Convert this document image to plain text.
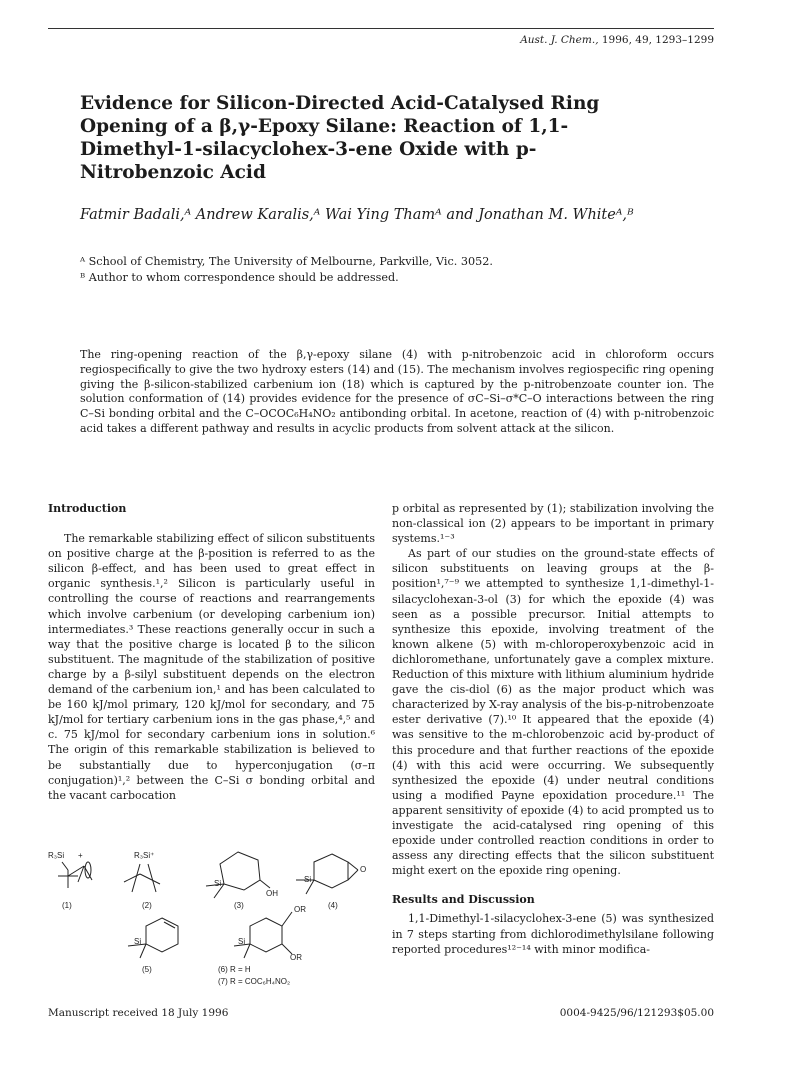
Aust. J. Chem., 1996, 49, 1293–1299
Evidence for Silicon-Directed Acid-Catalysed Ring Opening of a β,γ-Epoxy Silane: Reaction of 1,1-Dimethyl-1-silacyclohex-3-ene Oxide with p-Nitrobenzoic Acid
Fatmir Badali,ᴬ Andrew Karalis,ᴬ Wai Ying Thamᴬ and Jonathan M. Whiteᴬ,ᴮ
ᴬ School of Chemistry, The University of Melbourne, Parkville, Vic. 3052.
ᴮ Author to whom correspondence should be addressed.
The ring-opening reaction of the β,γ-epoxy silane (4) with p-nitrobenzoic acid in chloroform occurs regiospecifically to give the two hydroxy esters (14) and (15). The mechanism involves regiospecific ring opening giving the β-silicon-stabilized carbenium ion (18) which is captured by the p-nitrobenzoate counter ion. The solution conformation of (14) provides evidence for the presence of σC–Si–σ*C–O interactions between the ring C–Si bonding orbital and the C–OCOC₆H₄NO₂ antibonding orbital. In acetone, reaction of (4) with p-nitrobenzoic acid takes a different pathway and results in acyclic products from solvent attack at the silicon.

Introduction

The remarkable stabilizing effect of silicon substituents on positive charge at the β-position is referred to as the silicon β-effect, and has been used to great effect in organic synthesis.¹,² Silicon is particularly useful in controlling the course of reactions and rearrangements which involve carbenium (or developing carbenium ion) intermediates.³ These reactions generally occur in such a way that the positive charge is located β to the silicon substituent. The magnitude of the stabilization of positive charge by a β-silyl substituent depends on the electron demand of the carbenium ion,¹ and has been calculated to be 160 kJ/mol primary, 120 kJ/mol for secondary, and 75 kJ/mol for tertiary carbenium ions in the gas phase,⁴,⁵ and c. 75 kJ/mol for secondary carbenium ions in solution.⁶ The origin of this remarkable stabilization is believed to be substantially due to hyperconjugation (σ–π conjugation)¹,² between the C–Si σ bonding orbital and the vacant carbocation

p orbital as represented by (1); stabilization involving the non-classical ion (2) appears to be important in primary systems.¹⁻³

As part of our studies on the ground-state effects of silicon substituents on leaving groups at the β-position¹,⁷⁻⁹ we attempted to synthesize 1,1-dimethyl-1-silacyclohexan-3-ol (3) for which the epoxide (4) was seen as a possible precursor. Initial attempts to synthesize this epoxide, involving treatment of the known alkene (5) with m-chloroperoxybenzoic acid in dichloromethane, unfortunately gave a complex mixture. Reduction of this mixture with lithium aluminium hydride gave the cis-diol (6) as the major product which was characterized by X-ray analysis of the bis-p-nitrobenzoate ester derivative (7).¹⁰ It appeared that the epoxide (4) was sensitive to the m-chlorobenzoic acid by-product of this procedure and that further reactions of the epoxide (4) with this acid were occurring. We subsequently synthesized the epoxide (4) under neutral conditions using a modified Payne epoxidation procedure.¹¹ The apparent sensitivity of epoxide (4) to acid prompted us to investigate the acid-catalysed ring opening of this epoxide under controlled reaction conditions in order to assess any directing effects that the silicon substituent might exert on the epoxide ring opening.

Results and Discussion

1,1-Dimethyl-1-silacyclohex-3-ene (5) was synthesized in 7 steps starting from dichlorodimethylsilane following reported procedures¹²⁻¹⁴ with minor modifica-

R₃Si +	R₃Si⁺
Si
OH
Si
O
(1)	(2)	(3)	(4)
OR
Si	Si
OR
(5)	(6) R = H
(7) R = COC₆H₄NO₂
Manuscript received 18 July 1996	0004-9425/96/121293$05.00
